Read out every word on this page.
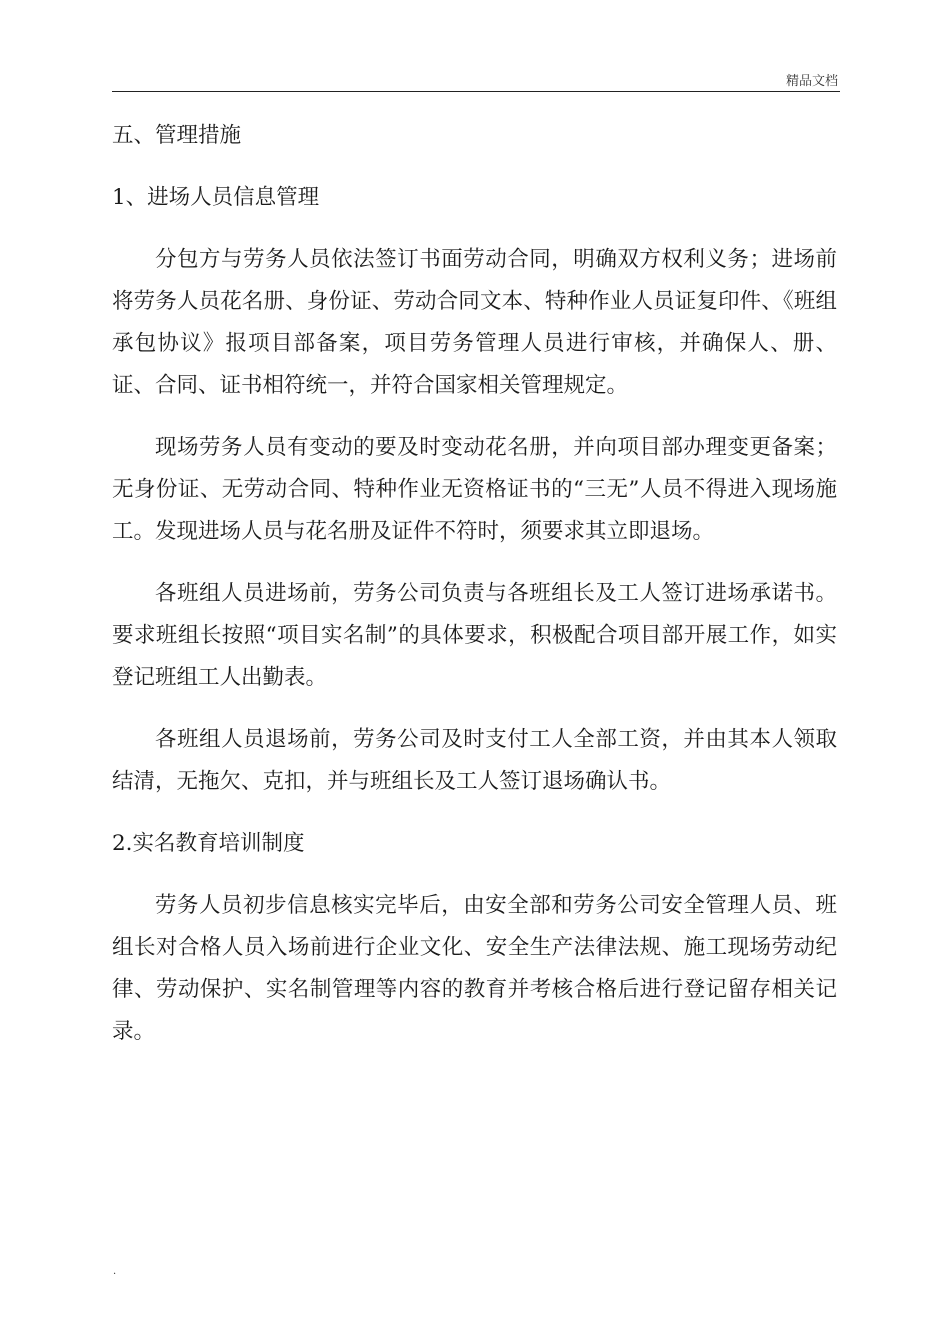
精品文档
五、管理措施
1、进场人员信息管理

分包方与劳务人员依法签订书面劳动合同，明确双方权利义务；进场前将劳务人员花名册、身份证、劳动合同文本、特种作业人员证复印件、《班组承包协议》报项目部备案，项目劳务管理人员进行审核，并确保人、册、证、合同、证书相符统一，并符合国家相关管理规定。

现场劳务人员有变动的要及时变动花名册，并向项目部办理变更备案；无身份证、无劳动合同、特种作业无资格证书的“三无”人员不得进入现场施工。发现进场人员与花名册及证件不符时，须要求其立即退场。

各班组人员进场前，劳务公司负责与各班组长及工人签订进场承诺书。要求班组长按照“项目实名制”的具体要求，积极配合项目部开展工作，如实登记班组工人出勤表。

各班组人员退场前，劳务公司及时支付工人全部工资，并由其本人领取结清，无拖欠、克扣，并与班组长及工人签订退场确认书。

2.实名教育培训制度

劳务人员初步信息核实完毕后，由安全部和劳务公司安全管理人员、班组长对合格人员入场前进行企业文化、安全生产法律法规、施工现场劳动纪律、劳动保护、实名制管理等内容的教育并考核合格后进行登记留存相关记录。

.
